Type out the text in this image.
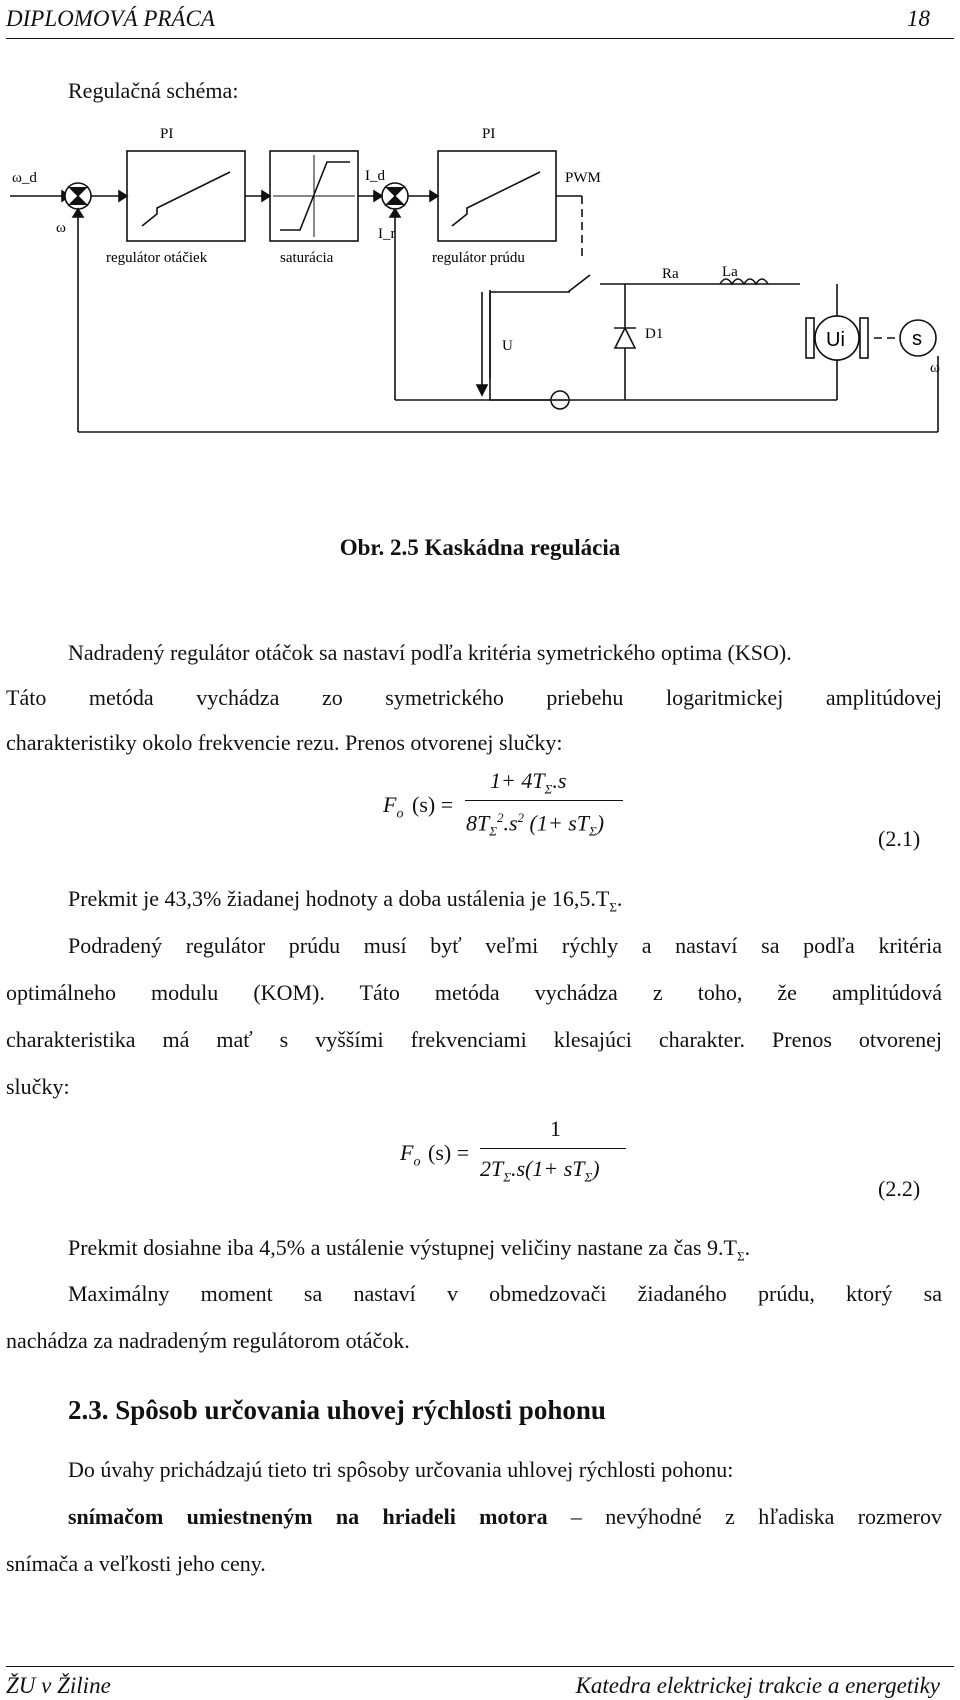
DIPLOMOVÁ PRÁCA	18
Regulačná schéma:
PI	PI
ω_d
ω
I_d
I_r
PWM
regulátor otáčiek	saturácia	regulátor prúdu
Ra	La
U
D1	Ui	s
ω
Obr. 2.5 Kaskádna regulácia
Nadradený regulátor otáčok sa nastaví podľa kritéria symetrického optima (KSO).
Táto metóda vychádza zo symetrického priebehu logaritmickej amplitúdovej
charakteristiky okolo frekvencie rezu. Prenos otvorenej slučky:
$F_o$ (s) =
$1+ 4T_\Sigma.s$
$8T_\Sigma^2.s^2$ $(1+ sT_\Sigma)$
(2.1)
Prekmit je 43,3% žiadanej hodnoty a doba ustálenia je $16,5.T_\Sigma$.
Podradený regulátor prúdu musí byť veľmi rýchly a nastaví sa podľa kritéria
optimálneho modulu (KOM). Táto metóda vychádza z toho, že amplitúdová
charakteristika má mať s vyššími frekvenciami klesajúci charakter. Prenos otvorenej
slučky:
$F_o$ (s) =
1
$2T_\Sigma.s(1+ sT_\Sigma)$
(2.2)
Prekmit dosiahne iba 4,5% a ustálenie výstupnej veličiny nastane za čas $9.T_\Sigma$.
Maximálny moment sa nastaví v obmedzovači žiadaného prúdu, ktorý sa
nachádza za nadradeným regulátorom otáčok.
2.3. Spôsob určovania uhovej rýchlosti pohonu
Do úvahy prichádzajú tieto tri spôsoby určovania uhlovej rýchlosti pohonu:
snímačom umiestneným na hriadeli motora – nevýhodné z hľadiska rozmerov
snímača a veľkosti jeho ceny.
ŽU v Žiline	Katedra elektrickej trakcie a energetiky
